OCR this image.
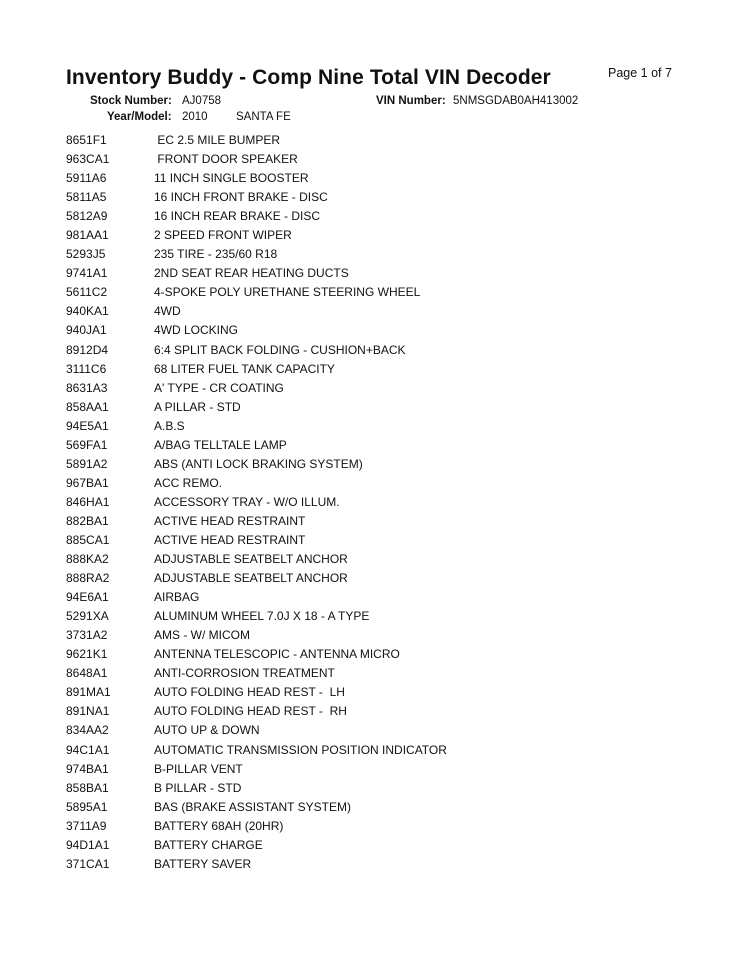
Inventory Buddy - Comp Nine Total VIN Decoder	Page 1 of 7
Stock Number: AJ0758	VIN Number: 5NMSGDAB0AH413002
Year/Model: 2010 SANTA FE
8651F1	EC 2.5 MILE BUMPER
963CA1	FRONT DOOR SPEAKER
5911A6	11 INCH SINGLE BOOSTER
5811A5	16 INCH FRONT BRAKE - DISC
5812A9	16 INCH REAR BRAKE - DISC
981AA1	2 SPEED FRONT WIPER
5293J5	235 TIRE - 235/60 R18
9741A1	2ND SEAT REAR HEATING DUCTS
5611C2	4-SPOKE POLY URETHANE STEERING WHEEL
940KA1	4WD
940JA1	4WD LOCKING
8912D4	6:4 SPLIT BACK FOLDING - CUSHION+BACK
3111C6	68 LITER FUEL TANK CAPACITY
8631A3	A' TYPE - CR COATING
858AA1	A PILLAR - STD
94E5A1	A.B.S
569FA1	A/BAG TELLTALE LAMP
5891A2	ABS (ANTI LOCK BRAKING SYSTEM)
967BA1	ACC REMO.
846HA1	ACCESSORY TRAY - W/O ILLUM.
882BA1	ACTIVE HEAD RESTRAINT
885CA1	ACTIVE HEAD RESTRAINT
888KA2	ADJUSTABLE SEATBELT ANCHOR
888RA2	ADJUSTABLE SEATBELT ANCHOR
94E6A1	AIRBAG
5291XA	ALUMINUM WHEEL 7.0J X 18 - A TYPE
3731A2	AMS - W/ MICOM
9621K1	ANTENNA TELESCOPIC - ANTENNA MICRO
8648A1	ANTI-CORROSION TREATMENT
891MA1	AUTO FOLDING HEAD REST -  LH
891NA1	AUTO FOLDING HEAD REST -  RH
834AA2	AUTO UP & DOWN
94C1A1	AUTOMATIC TRANSMISSION POSITION INDICATOR
974BA1	B-PILLAR VENT
858BA1	B PILLAR - STD
5895A1	BAS (BRAKE ASSISTANT SYSTEM)
3711A9	BATTERY 68AH (20HR)
94D1A1	BATTERY CHARGE
371CA1	BATTERY SAVER
